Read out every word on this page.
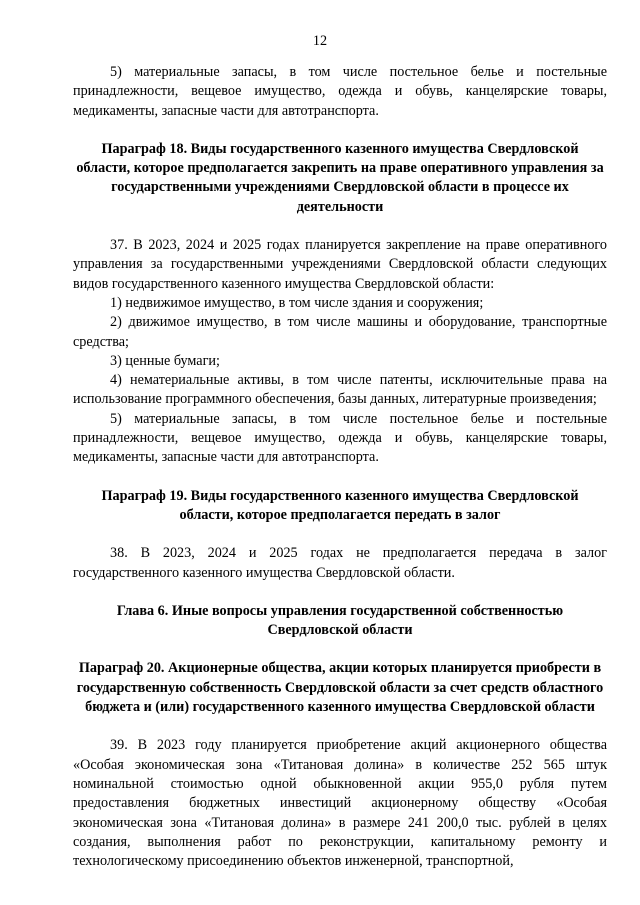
12

5) материальные запасы, в том числе постельное белье и постельные принадлежности, вещевое имущество, одежда и обувь, канцелярские товары, медикаменты, запасные части для автотранспорта.

Параграф 18. Виды государственного казенного имущества Свердловской области, которое предполагается закрепить на праве оперативного управления за государственными учреждениями Свердловской области в процессе их деятельности

37. В 2023, 2024 и 2025 годах планируется закрепление на праве оперативного управления за государственными учреждениями Свердловской области следующих видов государственного казенного имущества Свердловской области:

1) недвижимое имущество, в том числе здания и сооружения;

2) движимое имущество, в том числе машины и оборудование, транспортные средства;

3) ценные бумаги;

4) нематериальные активы, в том числе патенты, исключительные права на использование программного обеспечения, базы данных, литературные произведения;

5) материальные запасы, в том числе постельное белье и постельные принадлежности, вещевое имущество, одежда и обувь, канцелярские товары, медикаменты, запасные части для автотранспорта.

Параграф 19. Виды государственного казенного имущества Свердловской области, которое предполагается передать в залог

38. В 2023, 2024 и 2025 годах не предполагается передача в залог государственного казенного имущества Свердловской области.

Глава 6. Иные вопросы управления государственной собственностью Свердловской области

Параграф 20. Акционерные общества, акции которых планируется приобрести в государственную собственность Свердловской области за счет средств областного бюджета и (или) государственного казенного имущества Свердловской области

39. В 2023 году планируется приобретение акций акционерного общества «Особая экономическая зона «Титановая долина» в количестве 252 565 штук номинальной стоимостью одной обыкновенной акции 955,0 рубля путем предоставления бюджетных инвестиций акционерному обществу «Особая экономическая зона «Титановая долина» в размере 241 200,0 тыс. рублей в целях создания, выполнения работ по реконструкции, капитальному ремонту и технологическому присоединению объектов инженерной, транспортной,
